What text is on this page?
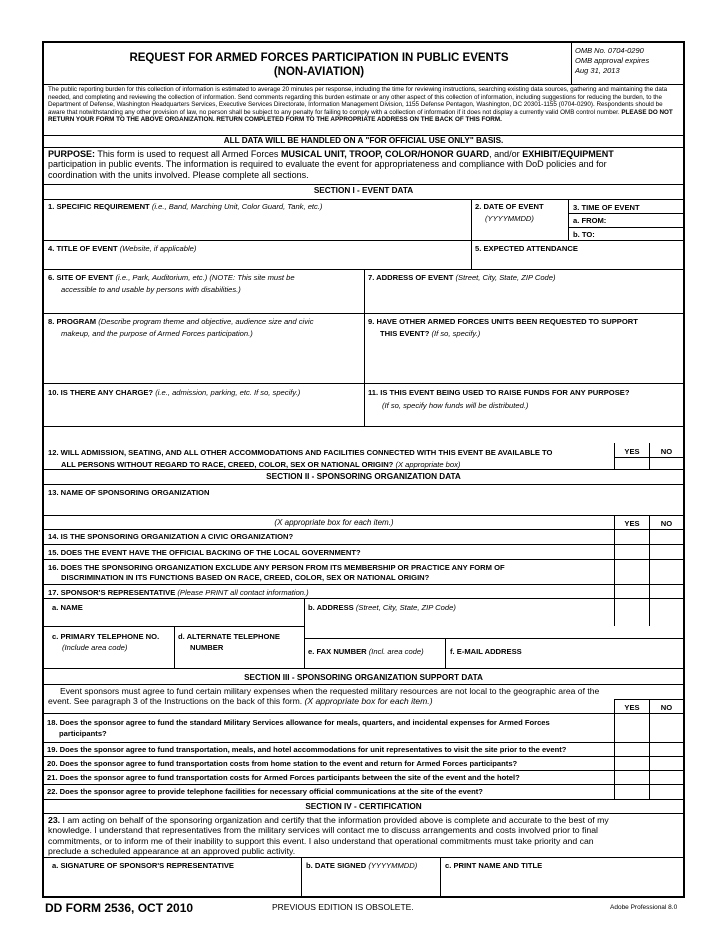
REQUEST FOR ARMED FORCES PARTICIPATION IN PUBLIC EVENTS
(NON-AVIATION)
OMB No. 0704-0290
OMB approval expires
Aug 31, 2013
The public reporting burden for this collection of information is estimated to average 20 minutes per response, including the time for reviewing instructions, searching existing data sources, gathering and maintaining the data needed, and completing and reviewing the collection of information. Send comments regarding this burden estimate or any other aspect of this collection of information, including suggestions for reducing the burden, to the Department of Defense, Washington Headquarters Services, Executive Services Directorate, Information Management Division, 1155 Defense Pentagon, Washington, DC 20301-1155 (0704-0290). Respondents should be aware that notwithstanding any other provision of law, no person shall be subject to any penalty for failing to comply with a collection of information if it does not display a currently valid OMB control number. PLEASE DO NOT RETURN YOUR FORM TO THE ABOVE ORGANIZATION. RETURN COMPLETED FORM TO THE APPROPRIATE ADDRESS ON THE BACK OF THIS FORM.
ALL DATA WILL BE HANDLED ON A "FOR OFFICIAL USE ONLY" BASIS.
PURPOSE: This form is used to request all Armed Forces MUSICAL UNIT, TROOP, COLOR/HONOR GUARD, and/or EXHIBIT/EQUIPMENT
participation in public events. The information is required to evaluate the event for appropriateness and compliance with DoD policies and for
coordination with the units involved. Please complete all sections.
SECTION I - EVENT DATA
1. SPECIFIC REQUIREMENT (i.e., Band, Marching Unit, Color Guard, Tank, etc.)	2. DATE OF EVENT
(YYYYMMDD)
3. TIME OF EVENT
a. FROM:
b. TO:
4. TITLE OF EVENT (Website, if applicable)	5. EXPECTED ATTENDANCE
6. SITE OF EVENT (i.e., Park, Auditorium, etc.) (NOTE: This site must be
accessible to and usable by persons with disabilities.)
7. ADDRESS OF EVENT (Street, City, State, ZIP Code)
8. PROGRAM (Describe program theme and objective, audience size and civic
makeup, and the purpose of Armed Forces participation.)
9. HAVE OTHER ARMED FORCES UNITS BEEN REQUESTED TO SUPPORT
THIS EVENT? (If so, specify.)
10. IS THERE ANY CHARGE? (i.e., admission, parking, etc. If so, specify.)	11. IS THIS EVENT BEING USED TO RAISE FUNDS FOR ANY PURPOSE?
(If so, specify how funds will be distributed.)
12. WILL ADMISSION, SEATING, AND ALL OTHER ACCOMMODATIONS AND FACILITIES CONNECTED WITH THIS EVENT BE AVAILABLE TO
ALL PERSONS WITHOUT REGARD TO RACE, CREED, COLOR, SEX OR NATIONAL ORIGIN? (X appropriate box)
YES	NO
SECTION II - SPONSORING ORGANIZATION DATA
13. NAME OF SPONSORING ORGANIZATION
(X appropriate box for each item.)	YES	NO
14. IS THE SPONSORING ORGANIZATION A CIVIC ORGANIZATION?
15. DOES THE EVENT HAVE THE OFFICIAL BACKING OF THE LOCAL GOVERNMENT?
16. DOES THE SPONSORING ORGANIZATION EXCLUDE ANY PERSON FROM ITS MEMBERSHIP OR PRACTICE ANY FORM OF
DISCRIMINATION IN ITS FUNCTIONS BASED ON RACE, CREED, COLOR, SEX OR NATIONAL ORIGIN?
17. SPONSOR'S REPRESENTATIVE (Please PRINT all contact information.)
a. NAME	b. ADDRESS (Street, City, State, ZIP Code)
c. PRIMARY TELEPHONE NO.
(Include area code)
d. ALTERNATE TELEPHONE
NUMBER	e. FAX NUMBER (Incl. area code)	f. E-MAIL ADDRESS
SECTION III - SPONSORING ORGANIZATION SUPPORT DATA
Event sponsors must agree to fund certain military expenses when the requested military resources are not local to the geographic area of the
event. See paragraph 3 of the Instructions on the back of this form. (X appropriate box for each item.)
YES	NO
18. Does the sponsor agree to fund the standard Military Services allowance for meals, quarters, and incidental expenses for Armed Forces
participants?
19. Does the sponsor agree to fund transportation, meals, and hotel accommodations for unit representatives to visit the site prior to the event?
20. Does the sponsor agree to fund transportation costs from home station to the event and return for Armed Forces participants?
21. Does the sponsor agree to fund transportation costs for Armed Forces participants between the site of the event and the hotel?
22. Does the sponsor agree to provide telephone facilities for necessary official communications at the site of the event?
SECTION IV - CERTIFICATION
23. I am acting on behalf of the sponsoring organization and certify that the information provided above is complete and accurate to the best of my
knowledge. I understand that representatives from the military services will contact me to discuss arrangements and costs involved prior to final
commitments, or to inform me of their inability to support this event. I also understand that operational commitments must take priority and can
preclude a scheduled appearance at an approved public activity.
a. SIGNATURE OF SPONSOR'S REPRESENTATIVE	b. DATE SIGNED (YYYYMMDD)	c. PRINT NAME AND TITLE
DD FORM 2536, OCT 2010	PREVIOUS EDITION IS OBSOLETE.	Adobe Professional 8.0
